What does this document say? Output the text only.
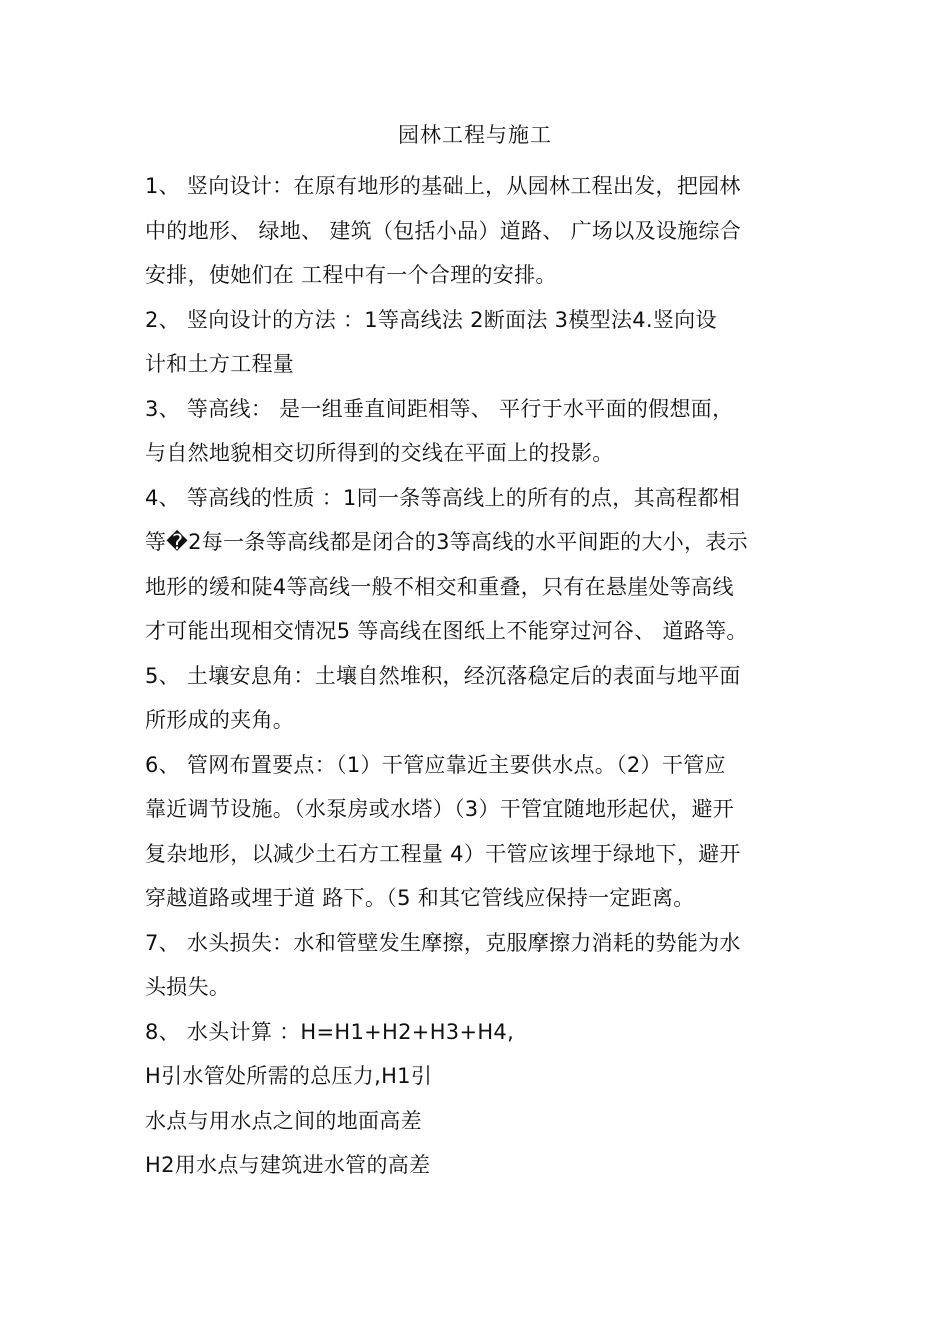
园林工程与施工
1、 竖向设计：在原有地形的基础上，从园林工程出发，把园林
中的地形、 绿地、 建筑（包括小品）道路、 广场以及设施综合
安排，使她们在 工程中有一个合理的安排。
2、 竖向设计的方法 ：1等高线法 2断面法 3模型法4.竖向设
计和土方工程量
3、 等高线： 是一组垂直间距相等、 平行于水平面的假想面，
与自然地貌相交切所得到的交线在平面上的投影。
4、 等高线的性质 ：1同一条等高线上的所有的点，其高程都相
等�2每一条等高线都是闭合的3等高线的水平间距的大小，表示
地形的缓和陡4等高线一般不相交和重叠，只有在悬崖处等高线
才可能出现相交情况5 等高线在图纸上不能穿过河谷、 道路等。
5、 土壤安息角：土壤自然堆积，经沉落稳定后的表面与地平面
所形成的夹角。
6、 管网布置要点：（1）干管应靠近主要供水点。（2）干管应
靠近调节设施。（水泵房或水塔）（3）干管宜随地形起伏，避开
复杂地形，以减少土石方工程量 4）干管应该埋于绿地下，避开
穿越道路或埋于道 路下。（5 和其它管线应保持一定距离。
7、 水头损失：水和管壁发生摩擦，克服摩擦力消耗的势能为水
头损失。
8、 水头计算 ：H=H1+H2+H3+H4,
H引水管处所需的总压力,H1引
水点与用水点之间的地面高差
H2用水点与建筑进水管的高差
